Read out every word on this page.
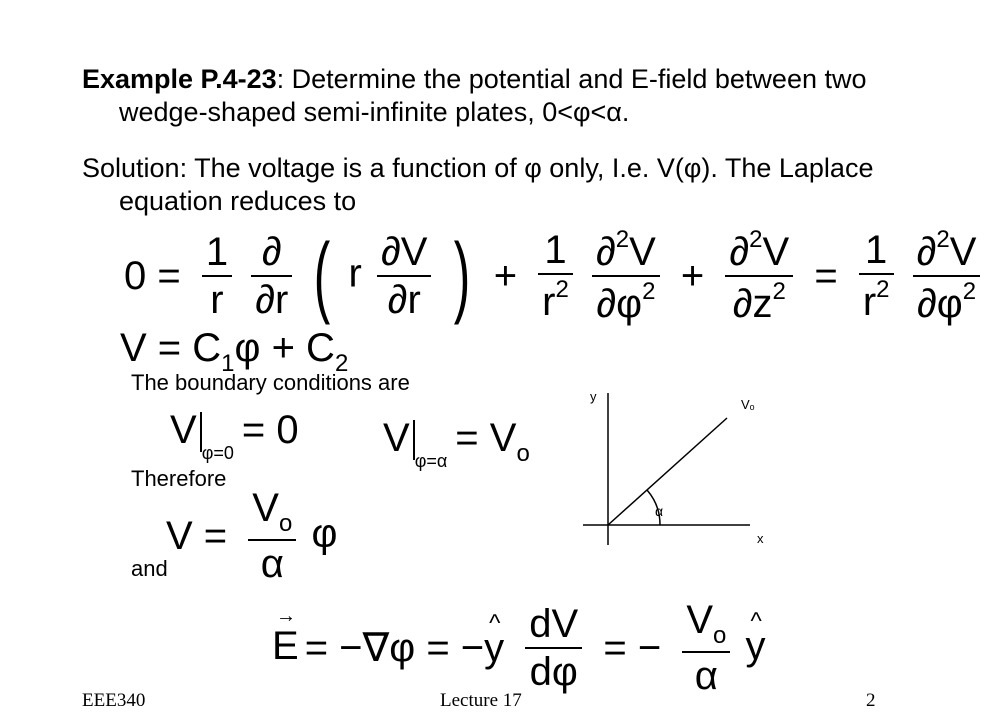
Example P.4-23: Determine the potential and E-field between two wedge-shaped semi-infinite plates, 0<φ<α.
Solution: The voltage is a function of φ only, I.e. V(φ). The Laplace equation reduces to
$0 = \frac{1}{r}$
$\frac{\partial}{\partial r}$ ( r $\frac{\partial V}{\partial r}$ ) + $\frac{1}{r^2}$
$\frac{\partial^2V}{\partial\varphi^2} + \frac{\partial^2V}{\partial z^2} = \frac{1}{r^2}$
$\frac{\partial^2V}{\partial\varphi^2}$
$V = C_1\varphi + C_2$
The boundary conditions are
$V_{\varphi=0}= 0$ $V_{\varphi=\alpha}= V_o$
Therefore
$V = \frac{V_o}{\alpha}$ φ
and
→ E = −∇φ = −^ y $\frac{dV}{d\varphi}$ = − $\frac{V_o}{\alpha}$
^ y
y
x
Vₒ
α
EEE340	Lecture 17	2
